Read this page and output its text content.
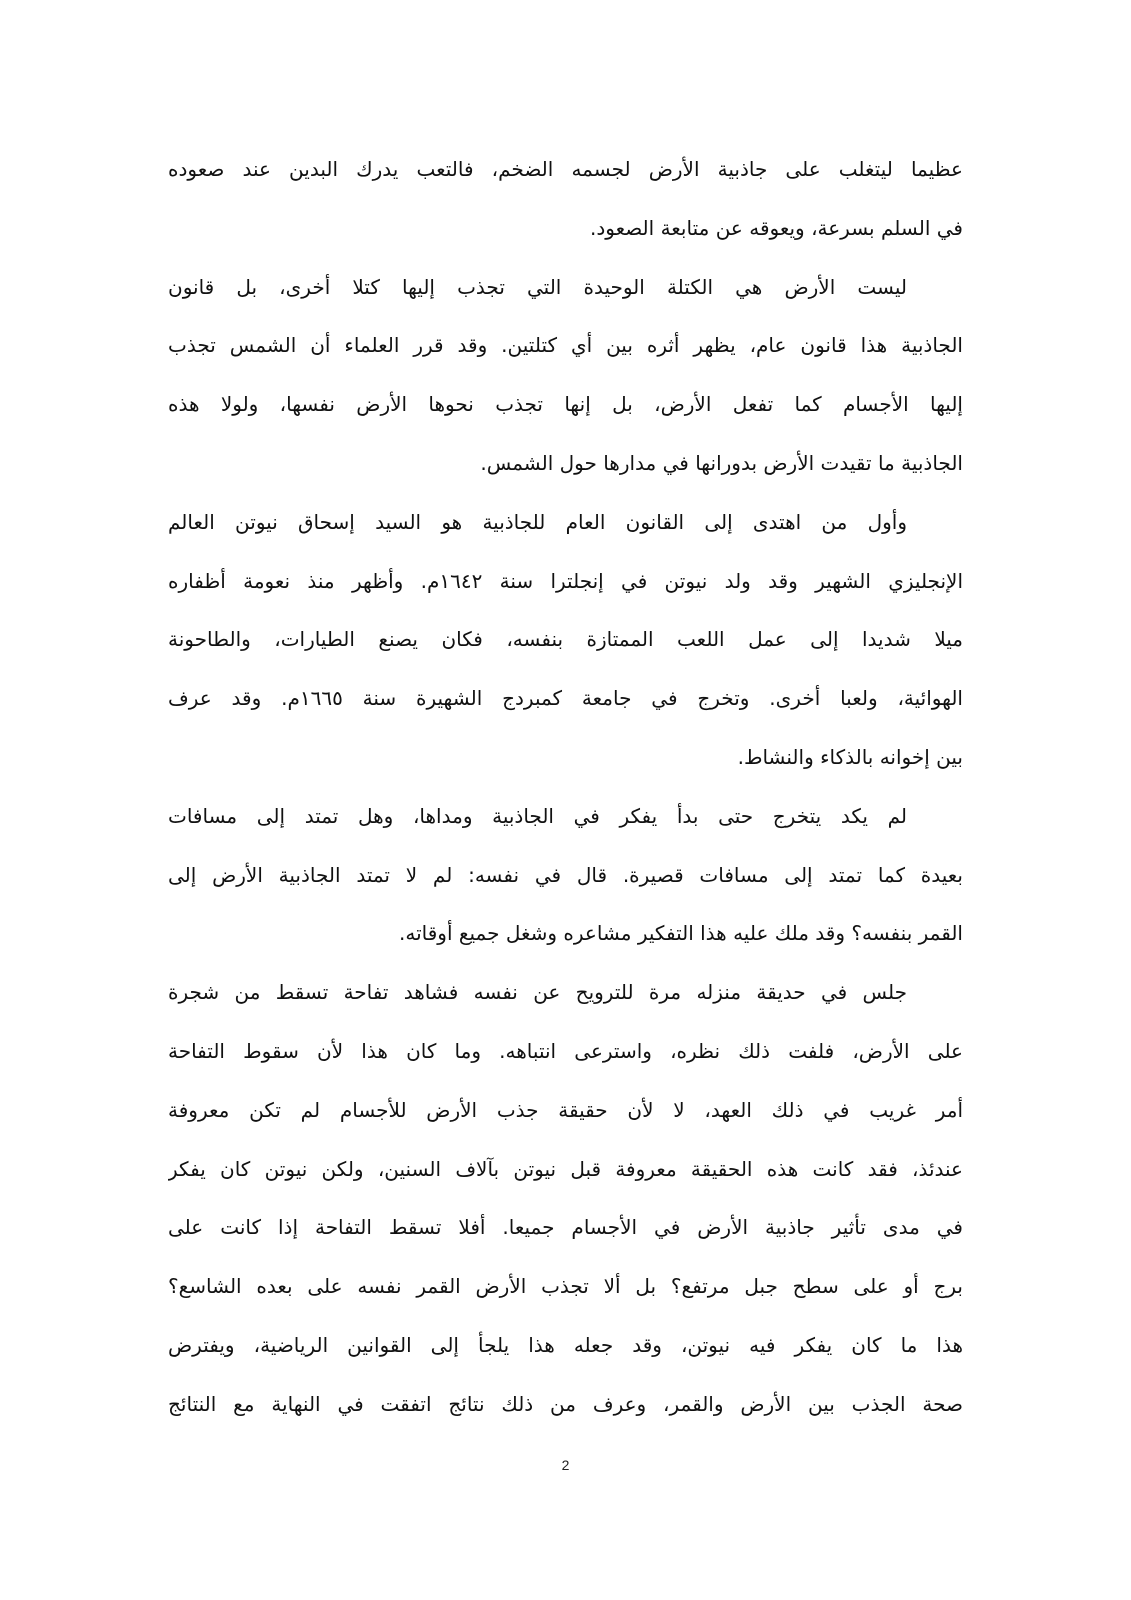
عظيما ليتغلب على جاذبية الأرض لجسمه الضخم، فالتعب يدرك البدين عند صعوده
في السلم بسرعة، ويعوقه عن متابعة الصعود.
ليست الأرض هي الكتلة الوحيدة التي تجذب إليها كتلا أخرى، بل قانون
الجاذبية هذا قانون عام، يظهر أثره بين أي كتلتين. وقد قرر العلماء أن الشمس تجذب
إليها الأجسام كما تفعل الأرض، بل إنها تجذب نحوها الأرض نفسها، ولولا هذه
الجاذبية ما تقيدت الأرض بدورانها في مدارها حول الشمس.
وأول من اهتدى إلى القانون العام للجاذبية هو السيد إسحاق نيوتن العالم
الإنجليزي الشهير وقد ولد نيوتن في إنجلترا سنة ١٦٤٢م. وأظهر منذ نعومة أظفاره
ميلا شديدا إلى عمل اللعب الممتازة بنفسه، فكان يصنع الطيارات، والطاحونة
الهوائية، ولعبا أخرى. وتخرج في جامعة كمبردج الشهيرة سنة ١٦٦٥م. وقد عرف
بين إخوانه بالذكاء والنشاط.
لم يكد يتخرج حتى بدأ يفكر في الجاذبية ومداها، وهل تمتد إلى مسافات
بعيدة كما تمتد إلى مسافات قصيرة. قال في نفسه: لم لا تمتد الجاذبية الأرض إلى
القمر بنفسه؟ وقد ملك عليه هذا التفكير مشاعره وشغل جميع أوقاته.
جلس في حديقة منزله مرة للترويح عن نفسه فشاهد تفاحة تسقط من شجرة
على الأرض، فلفت ذلك نظره، واسترعى انتباهه. وما كان هذا لأن سقوط التفاحة
أمر غريب في ذلك العهد، لا لأن حقيقة جذب الأرض للأجسام لم تكن معروفة
عندئذ، فقد كانت هذه الحقيقة معروفة قبل نيوتن بآلاف السنين، ولكن نيوتن كان يفكر
في مدى تأثير جاذبية الأرض في الأجسام جميعا. أفلا تسقط التفاحة إذا كانت على
برج أو على سطح جبل مرتفع؟ بل ألا تجذب الأرض القمر نفسه على بعده الشاسع؟
هذا ما كان يفكر فيه نيوتن، وقد جعله هذا يلجأ إلى القوانين الرياضية، ويفترض
صحة الجذب بين الأرض والقمر، وعرف من ذلك نتائج اتفقت في النهاية مع النتائج
2
